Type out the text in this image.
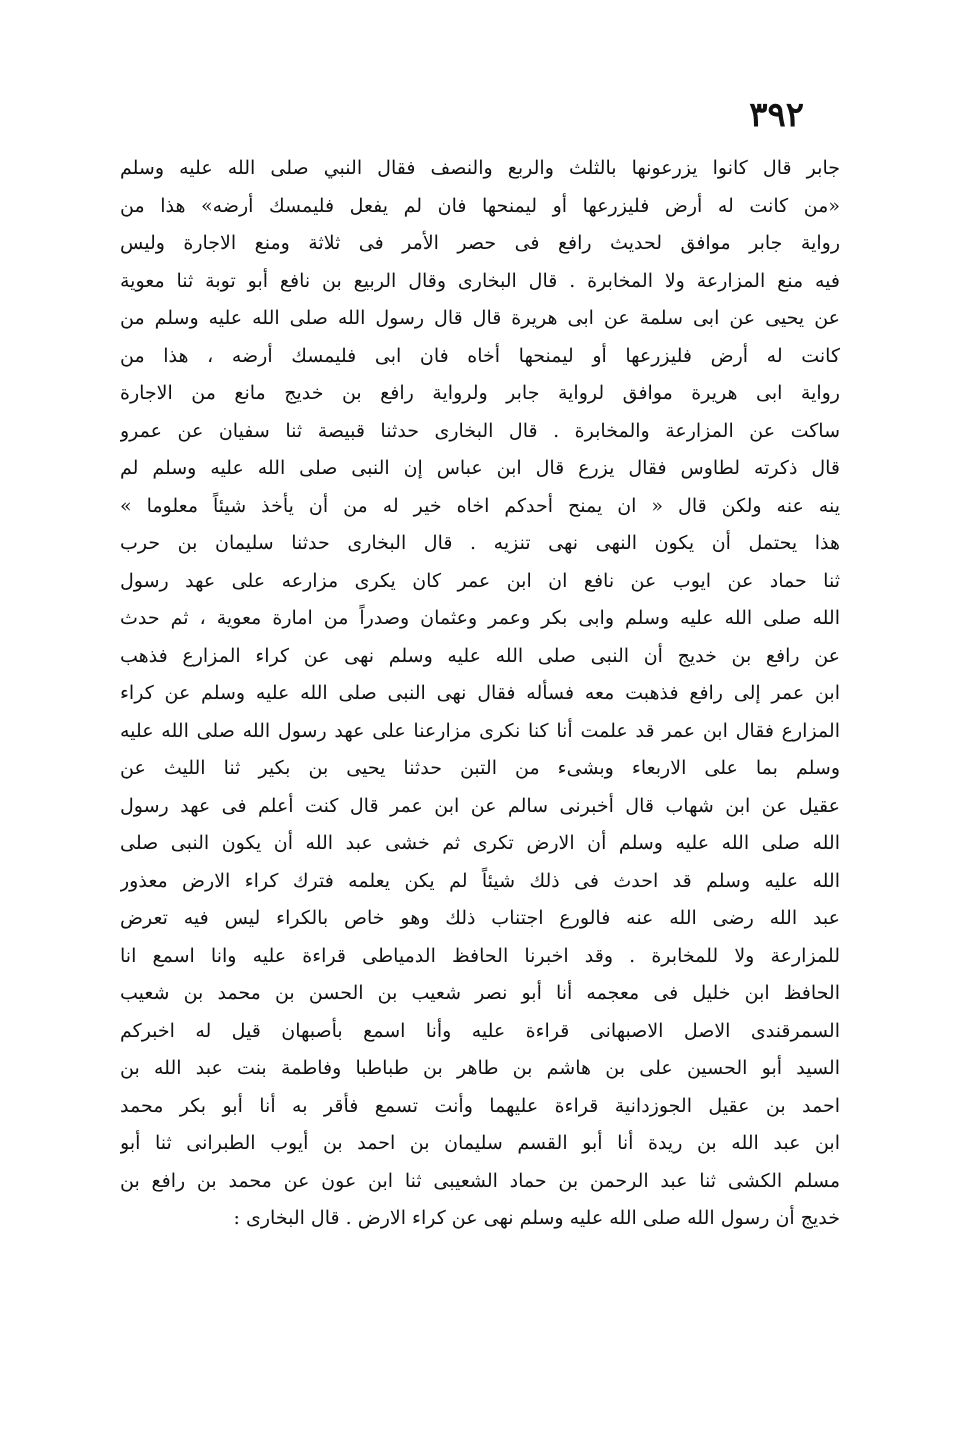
٣٩٢
جابر قال كانوا يزرعونها بالثلث والربع والنصف فقال النبي صلى الله عليه وسلم
«من كانت له أرض فليزرعها أو ليمنحها فان لم يفعل فليمسك أرضه» هذا من
رواية جابر موافق لحديث رافع فى حصر الأمر فى ثلاثة ومنع الاجارة وليس
فيه منع المزارعة ولا المخابرة . قال البخارى وقال الربيع بن نافع أبو توبة ثنا معوية
عن يحيى عن ابى سلمة عن ابى هريرة قال قال رسول الله صلى الله عليه وسلم من
كانت له أرض فليزرعها أو ليمنحها أخاه فان ابى فليمسك أرضه ، هذا من
رواية ابى هريرة موافق لرواية جابر ولرواية رافع بن خديج مانع من الاجارة
ساكت عن المزارعة والمخابرة . قال البخارى حدثنا قبيصة ثنا سفيان عن عمرو
قال ذكرته لطاوس فقال يزرع قال ابن عباس إن النبى صلى الله عليه وسلم لم
ينه عنه ولكن قال « ان يمنح أحدكم اخاه خير له من أن يأخذ شيئاً معلوما »
هذا يحتمل أن يكون النهى نهى تنزيه . قال البخارى حدثنا سليمان بن حرب
ثنا حماد عن ايوب عن نافع ان ابن عمر كان يكرى مزارعه على عهد رسول
الله صلى الله عليه وسلم وابى بكر وعمر وعثمان وصدراً من امارة معوية ، ثم حدث
عن رافع بن خديج أن النبى صلى الله عليه وسلم نهى عن كراء المزارع فذهب
ابن عمر إلى رافع فذهبت معه فسأله فقال نهى النبى صلى الله عليه وسلم عن كراء
المزارع فقال ابن عمر قد علمت أنا كنا نكرى مزارعنا على عهد رسول الله صلى الله عليه
وسلم بما على الاربعاء وبشىء من التبن حدثنا يحيى بن بكير ثنا الليث عن
عقيل عن ابن شهاب قال أخبرنى سالم عن ابن عمر قال كنت أعلم فى عهد رسول
الله صلى الله عليه وسلم أن الارض تكرى ثم خشى عبد الله أن يكون النبى صلى
الله عليه وسلم قد احدث فى ذلك شيئاً لم يكن يعلمه فترك كراء الارض معذور
عبد الله رضى الله عنه فالورع اجتناب ذلك وهو خاص بالكراء ليس فيه تعرض
للمزارعة ولا للمخابرة . وقد اخبرنا الحافظ الدمياطى قراءة عليه وانا اسمع انا
الحافظ ابن خليل فى معجمه أنا أبو نصر شعيب بن الحسن بن محمد بن شعيب
السمرقندى الاصل الاصبهانى قراءة عليه وأنا اسمع بأصبهان قيل له اخبركم
السيد أبو الحسين على بن هاشم بن طاهر بن طباطبا وفاطمة بنت عبد الله بن
احمد بن عقيل الجوزدانية قراءة عليهما وأنت تسمع فأقر به أنا أبو بكر محمد
ابن عبد الله بن ريدة أنا أبو القسم سليمان بن احمد بن أيوب الطبرانى ثنا أبو
مسلم الكشى ثنا عبد الرحمن بن حماد الشعيبى ثنا ابن عون عن محمد بن رافع بن
خديج أن رسول الله صلى الله عليه وسلم نهى عن كراء الارض . قال البخارى :
